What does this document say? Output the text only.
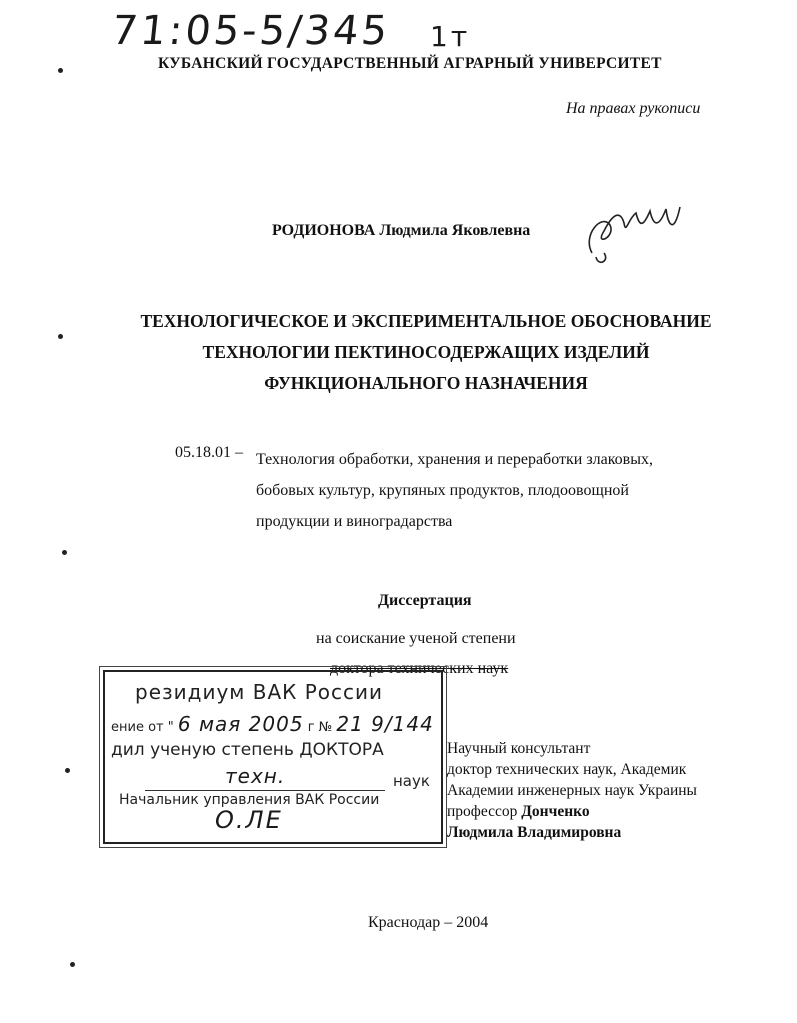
71:05-5/345 1т
КУБАНСКИЙ ГОСУДАРСТВЕННЫЙ АГРАРНЫЙ УНИВЕРСИТЕТ
На правах рукописи
РОДИОНОВА Людмила Яковлевна
ТЕХНОЛОГИЧЕСКОЕ И ЭКСПЕРИМЕНТАЛЬНОЕ ОБОСНОВАНИЕ
ТЕХНОЛОГИИ ПЕКТИНОСОДЕРЖАЩИХ ИЗДЕЛИЙ
ФУНКЦИОНАЛЬНОГО НАЗНАЧЕНИЯ
05.18.01 – Технология обработки, хранения и переработки злаковых,
бобовых культур, крупяных продуктов, плодоовощной
продукции и виноградарства
Диссертация
на соискание ученой степени
доктора технических наук
резидиум ВАК России
ение от " 6 мая 2005 г № 21 9/144
дил ученую степень ДОКТОРА
техн.	наук
Начальник управления ВАК России
О.ЛЕ
Научный консультант
доктор технических наук, Академик
Академии инженерных наук Украины
профессор Донченко
Людмила Владимировна
Краснодар – 2004
